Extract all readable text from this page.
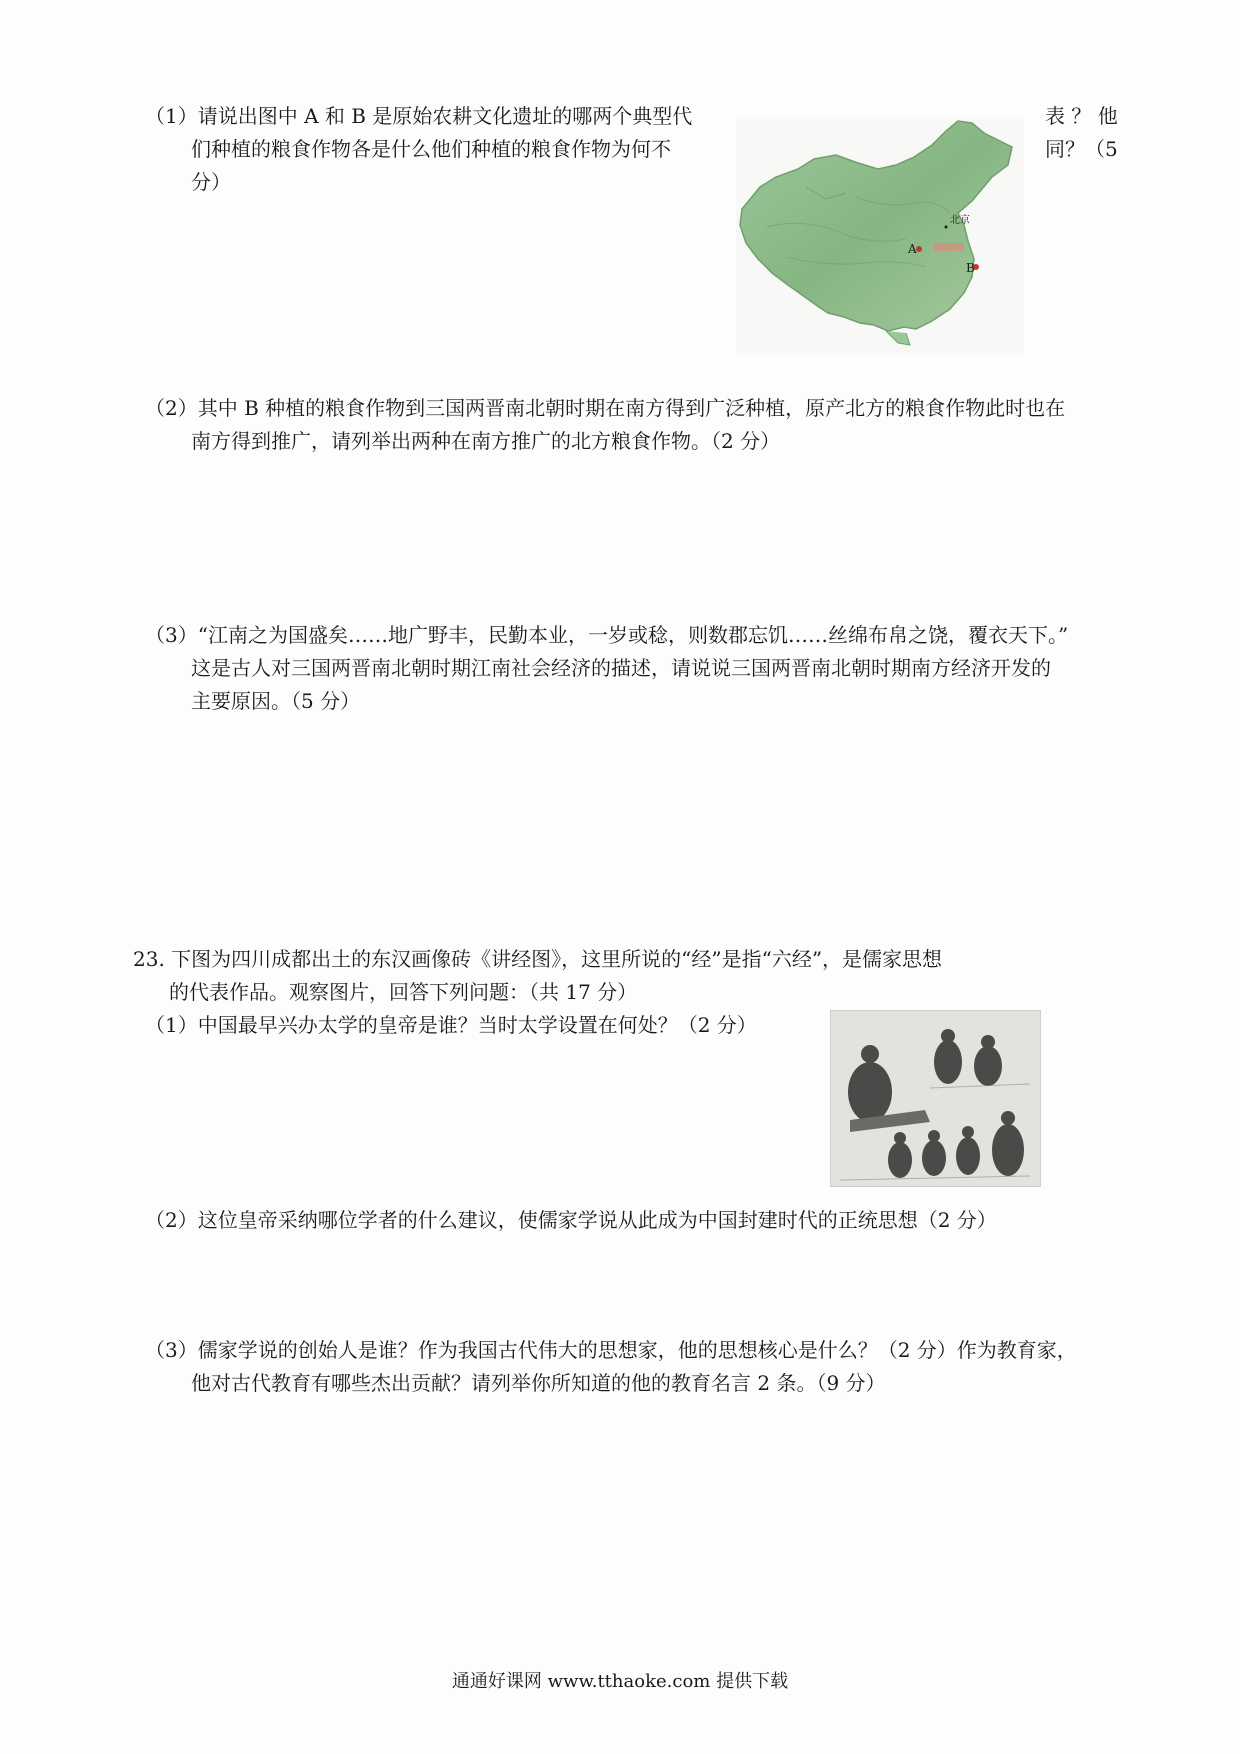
（1）请说出图中 A 和 B 是原始农耕文化遗址的哪两个典型代	表 ？ 他
们种植的粮食作物各是什么他们种植的粮食作物为何不	同？（5
分）
北京
A
B
（2）其中 B 种植的粮食作物到三国两晋南北朝时期在南方得到广泛种植，原产北方的粮食作物此时也在
南方得到推广，请列举出两种在南方推广的北方粮食作物。（2 分）
（3）“江南之为国盛矣……地广野丰，民勤本业，一岁或稔，则数郡忘饥……丝绵布帛之饶，覆衣天下。”
这是古人对三国两晋南北朝时期江南社会经济的描述，请说说三国两晋南北朝时期南方经济开发的
主要原因。（5 分）
23. 下图为四川成都出土的东汉画像砖《讲经图》，这里所说的“经”是指“六经”，是儒家思想
的代表作品。观察图片，回答下列问题：（共 17 分）
（1）中国最早兴办太学的皇帝是谁？当时太学设置在何处？（2 分）
（2）这位皇帝采纳哪位学者的什么建议，使儒家学说从此成为中国封建时代的正统思想（2 分）
（3）儒家学说的创始人是谁？作为我国古代伟大的思想家，他的思想核心是什么？（2 分）作为教育家，
他对古代教育有哪些杰出贡献？请列举你所知道的他的教育名言 2 条。（9 分）
通通好课网 www.tthaoke.com 提供下载
